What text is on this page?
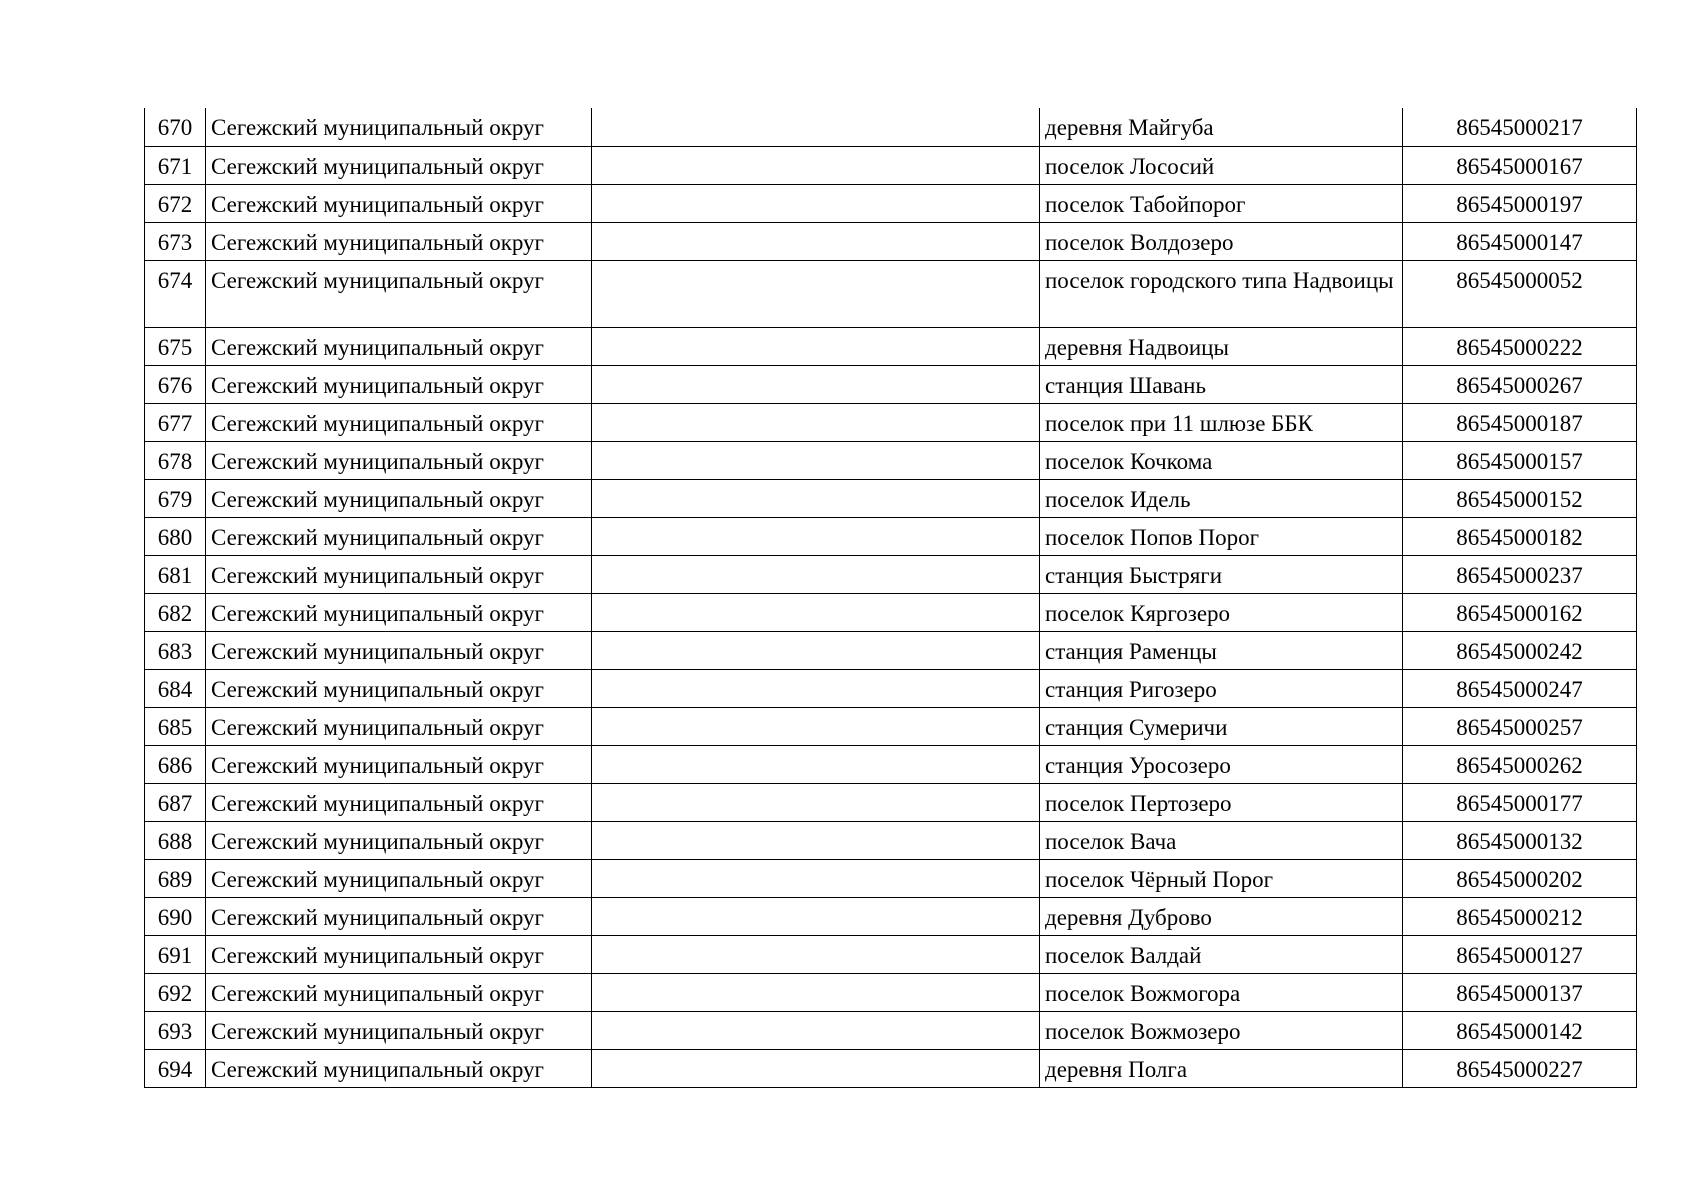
670	Сегежский муниципальный округ		деревня Майгуба	86545000217
671	Сегежский муниципальный округ		поселок Лососий	86545000167
672	Сегежский муниципальный округ		поселок Табойпорог	86545000197
673	Сегежский муниципальный округ		поселок Волдозеро	86545000147
674	Сегежский муниципальный округ		поселок городского типа Надвоицы	86545000052
675	Сегежский муниципальный округ		деревня Надвоицы	86545000222
676	Сегежский муниципальный округ		станция Шавань	86545000267
677	Сегежский муниципальный округ		поселок при 11 шлюзе ББК	86545000187
678	Сегежский муниципальный округ		поселок Кочкома	86545000157
679	Сегежский муниципальный округ		поселок Идель	86545000152
680	Сегежский муниципальный округ		поселок Попов Порог	86545000182
681	Сегежский муниципальный округ		станция Быстряги	86545000237
682	Сегежский муниципальный округ		поселок Кяргозеро	86545000162
683	Сегежский муниципальный округ		станция Раменцы	86545000242
684	Сегежский муниципальный округ		станция Ригозеро	86545000247
685	Сегежский муниципальный округ		станция Сумеричи	86545000257
686	Сегежский муниципальный округ		станция Уросозеро	86545000262
687	Сегежский муниципальный округ		поселок Пертозеро	86545000177
688	Сегежский муниципальный округ		поселок Вача	86545000132
689	Сегежский муниципальный округ		поселок Чёрный Порог	86545000202
690	Сегежский муниципальный округ		деревня Дуброво	86545000212
691	Сегежский муниципальный округ		поселок Валдай	86545000127
692	Сегежский муниципальный округ		поселок Вожмогора	86545000137
693	Сегежский муниципальный округ		поселок Вожмозеро	86545000142
694	Сегежский муниципальный округ		деревня Полга	86545000227
